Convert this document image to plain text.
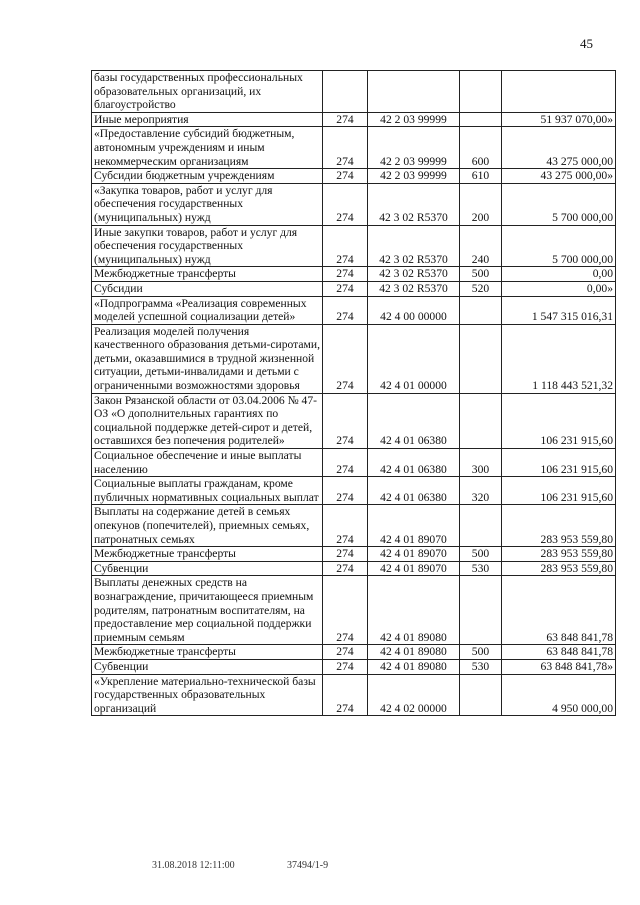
45
базы государственных профессиональных образовательных организаций, их благоустройство				
Иные мероприятия	274	42 2 03 99999		51 937 070,00»
«Предоставление субсидий бюджетным, автономным учреждениям и иным некоммерческим организациям	274	42 2 03 99999	600	43 275 000,00
Субсидии бюджетным учреждениям	274	42 2 03 99999	610	43 275 000,00»
«Закупка товаров, работ и услуг для обеспечения государственных (муниципальных) нужд	274	42 3 02 R5370	200	5 700 000,00
Иные закупки товаров, работ и услуг для обеспечения государственных (муниципальных) нужд	274	42 3 02 R5370	240	5 700 000,00
Межбюджетные трансферты	274	42 3 02 R5370	500	0,00
Субсидии	274	42 3 02 R5370	520	0,00»
«Подпрограмма «Реализация современных моделей успешной социализации детей»	274	42 4 00 00000		1 547 315 016,31
Реализация моделей получения качественного образования детьми-сиротами, детьми, оказавшимися в трудной жизненной ситуации, детьми-инвалидами и детьми с ограниченными возможностями здоровья	274	42 4 01 00000		1 118 443 521,32
Закон Рязанской области от 03.04.2006 № 47-ОЗ «О дополнительных гарантиях по социальной поддержке детей-сирот и детей, оставшихся без попечения родителей»	274	42 4 01 06380		106 231 915,60
Социальное обеспечение и иные выплаты населению	274	42 4 01 06380	300	106 231 915,60
Социальные выплаты гражданам, кроме публичных нормативных социальных выплат	274	42 4 01 06380	320	106 231 915,60
Выплаты на содержание детей в семьях опекунов (попечителей), приемных семьях, патронатных семьях	274	42 4 01 89070		283 953 559,80
Межбюджетные трансферты	274	42 4 01 89070	500	283 953 559,80
Субвенции	274	42 4 01 89070	530	283 953 559,80
Выплаты денежных средств на вознаграждение, причитающееся приемным родителям, патронатным воспитателям, на предоставление мер социальной поддержки приемным семьям	274	42 4 01 89080		63 848 841,78
Межбюджетные трансферты	274	42 4 01 89080	500	63 848 841,78
Субвенции	274	42 4 01 89080	530	63 848 841,78»
«Укрепление материально-технической базы государственных образовательных организаций	274	42 4 02 00000		4 950 000,00
31.08.2018 12:11:00	37494/1-9
